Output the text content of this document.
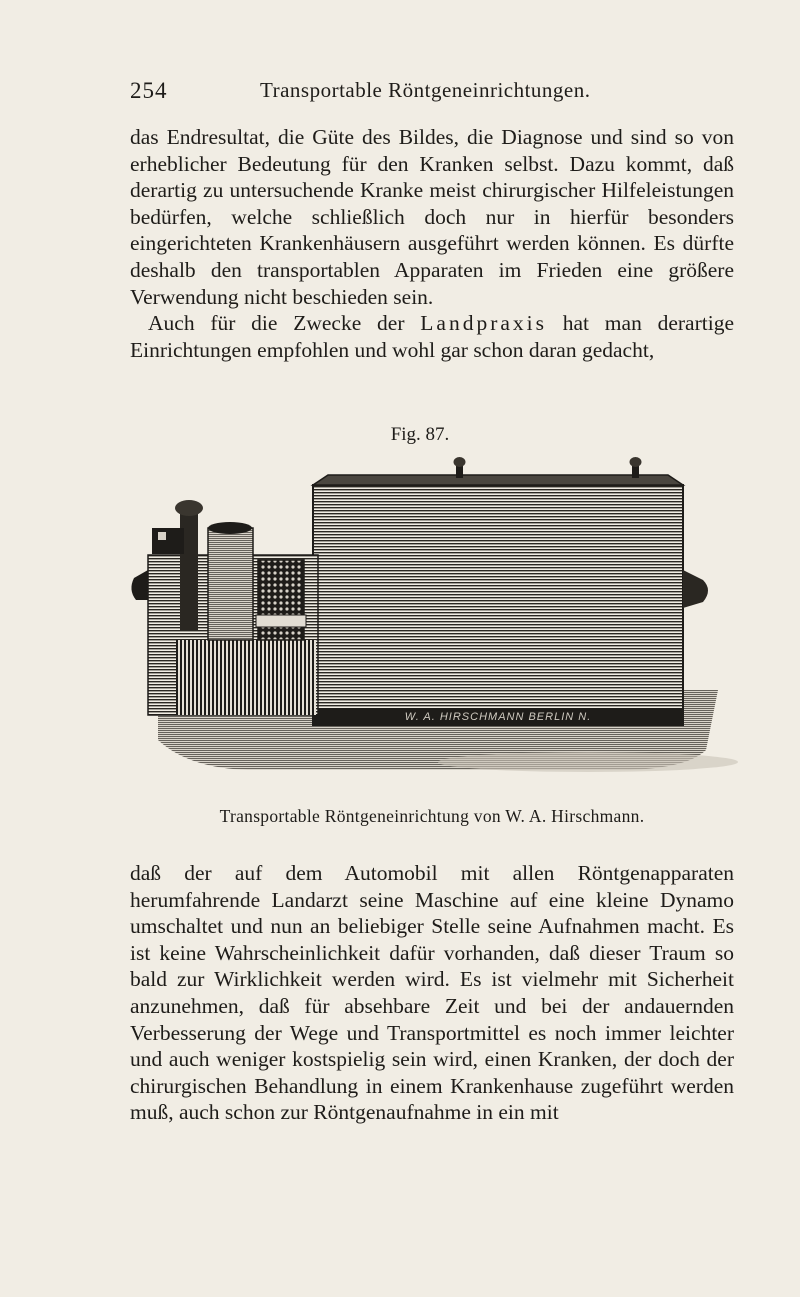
254	Transportable Röntgeneinrichtungen.

das Endresultat, die Güte des Bildes, die Diagnose und sind so von erheblicher Bedeutung für den Kranken selbst. Dazu kommt, daß derartig zu untersuchende Kranke meist chirurgischer Hilfeleistungen bedürfen, welche schließlich doch nur in hierfür besonders eingerichteten Krankenhäusern ausgeführt werden können. Es dürfte deshalb den transportablen Apparaten im Frieden eine größere Verwendung nicht beschieden sein.

Auch für die Zwecke der Landpraxis hat man derartige Einrichtungen empfohlen und wohl gar schon daran gedacht,

Fig. 87.
W. A. HIRSCHMANN BERLIN N.
Transportable Röntgeneinrichtung von W. A. Hirschmann.

daß der auf dem Automobil mit allen Röntgenapparaten herumfahrende Landarzt seine Maschine auf eine kleine Dynamo umschaltet und nun an beliebiger Stelle seine Aufnahmen macht. Es ist keine Wahrscheinlichkeit dafür vorhanden, daß dieser Traum so bald zur Wirklichkeit werden wird. Es ist vielmehr mit Sicherheit anzunehmen, daß für absehbare Zeit und bei der andauernden Verbesserung der Wege und Transportmittel es noch immer leichter und auch weniger kostspielig sein wird, einen Kranken, der doch der chirurgischen Behandlung in einem Krankenhause zugeführt werden muß, auch schon zur Röntgenaufnahme in ein mit
